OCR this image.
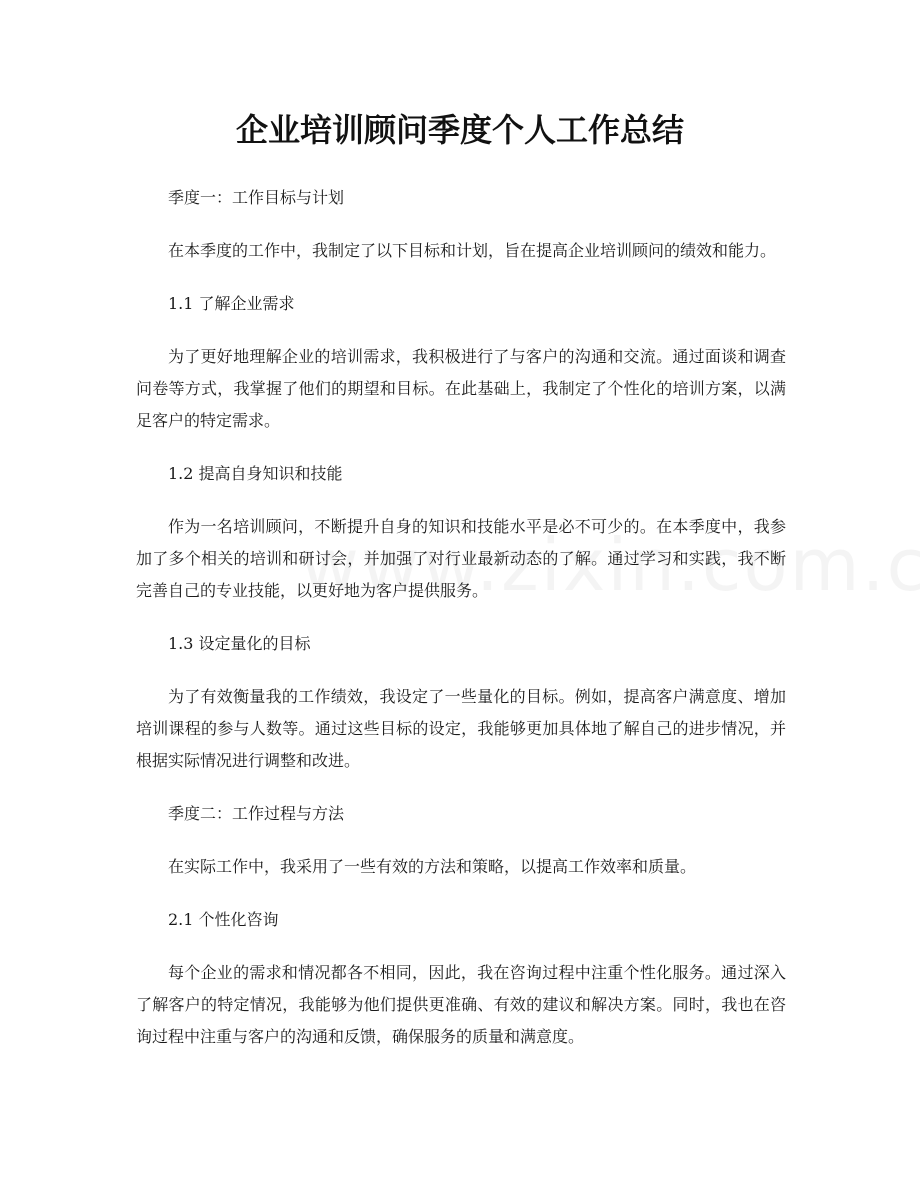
企业培训顾问季度个人工作总结

季度一：工作目标与计划

在本季度的工作中，我制定了以下目标和计划，旨在提高企业培训顾问的绩效和能力。

1.1 了解企业需求

为了更好地理解企业的培训需求，我积极进行了与客户的沟通和交流。通过面谈和调查问卷等方式，我掌握了他们的期望和目标。在此基础上，我制定了个性化的培训方案，以满足客户的特定需求。

1.2 提高自身知识和技能

作为一名培训顾问，不断提升自身的知识和技能水平是必不可少的。在本季度中，我参加了多个相关的培训和研讨会，并加强了对行业最新动态的了解。通过学习和实践，我不断完善自己的专业技能，以更好地为客户提供服务。

1.3 设定量化的目标

为了有效衡量我的工作绩效，我设定了一些量化的目标。例如，提高客户满意度、增加培训课程的参与人数等。通过这些目标的设定，我能够更加具体地了解自己的进步情况，并根据实际情况进行调整和改进。

季度二：工作过程与方法

在实际工作中，我采用了一些有效的方法和策略，以提高工作效率和质量。

2.1 个性化咨询

每个企业的需求和情况都各不相同，因此，我在咨询过程中注重个性化服务。通过深入了解客户的特定情况，我能够为他们提供更准确、有效的建议和解决方案。同时，我也在咨询过程中注重与客户的沟通和反馈，确保服务的质量和满意度。
